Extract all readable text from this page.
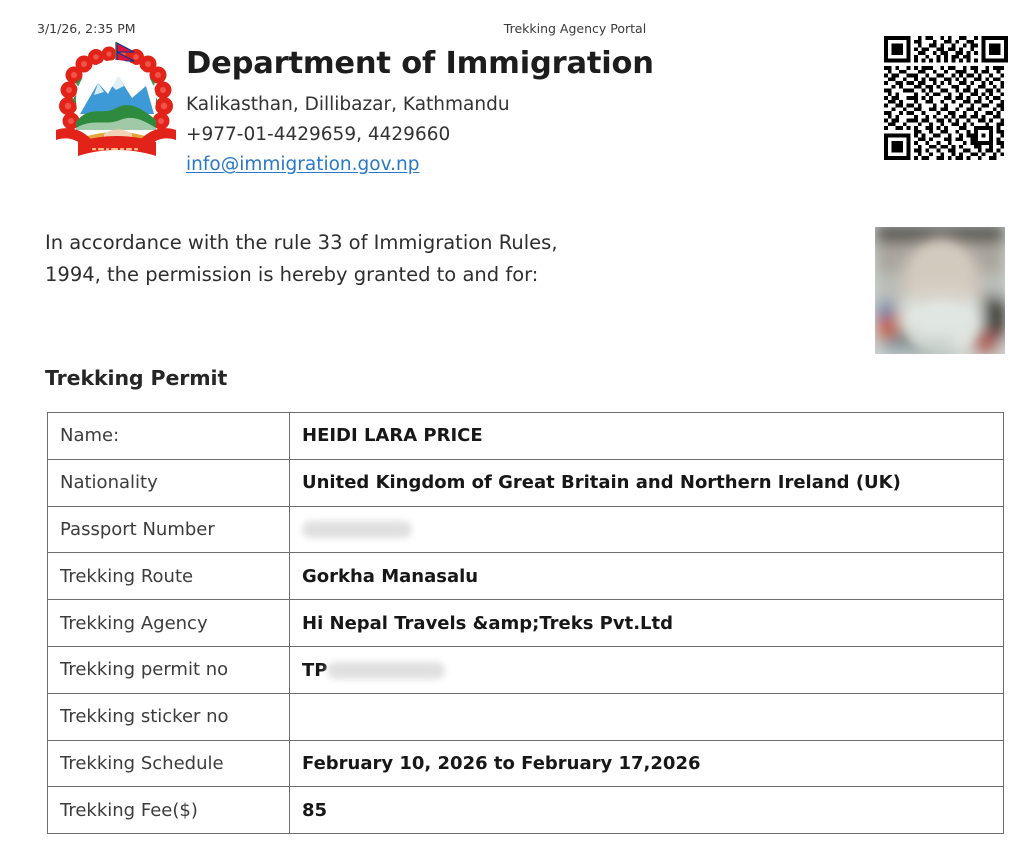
3/1/26, 2:35 PM	Trekking Agency Portal
Department of Immigration
Kalikasthan, Dillibazar, Kathmandu
+977-01-4429659, 4429660
info@immigration.gov.np
In accordance with the rule 33 of Immigration Rules,
1994, the permission is hereby granted to and for:
Trekking Permit
Name:	HEIDI LARA PRICE
Nationality	United Kingdom of Great Britain and Northern Ireland (UK)
Passport Number	
Trekking Route	Gorkha Manasalu
Trekking Agency	Hi Nepal Travels &amp;Treks Pvt.Ltd
Trekking permit no	TP
Trekking sticker no	
Trekking Schedule	February 10, 2026 to February 17,2026
Trekking Fee($)	85
